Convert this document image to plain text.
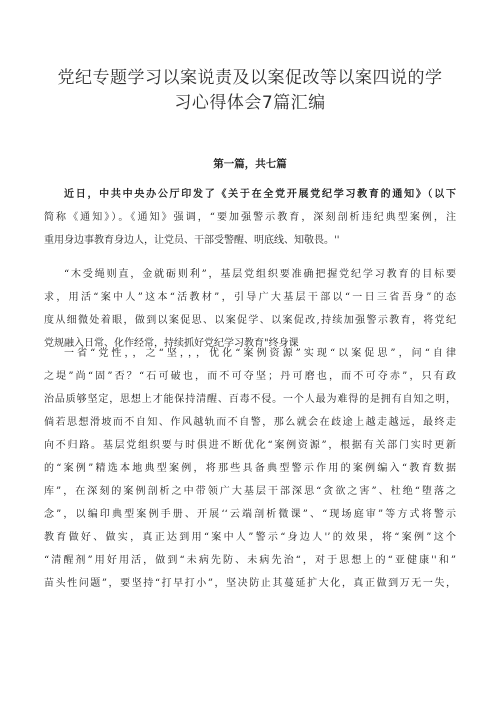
党纪专题学习以案说责及以案促改等以案四说的学
习心得体会7篇汇编
第一篇，共七篇
近日，中共中央办公厅印发了《关于在全党开展党纪学习教育的通知》（以下
简称《通知》）。《通知》强调，“要加强警示教育，深刻剖析违纪典型案例，注
重用身边事教育身边人，让党员、干部受警醒、明底线、知敬畏。''
“木受绳则直，金就砺则利”，基层党组织要准确把握党纪学习教育的目标要
求，用活“案中人”这本“活教材”，引导广大基层干部以“一日三省吾身”的态
度从细微处着眼，做到以案促思、以案促学、以案促改,持续加强警示教育，将党纪
党规融入日常、化作经常，持续抓好党纪学习教育"终身课
一省“党性，，之“坚，，，优化“案例资源”实现“以案促思”，问“自律
之堤”尚“固”否？“石可破也，而不可夺坚；丹可磨也，而不可夺赤”，只有政
治品质够坚定，思想上才能保持清醒、百毒不侵。一个人最为难得的是拥有自知之明，
倘若思想滑坡而不自知、作风越轨而不自警，那么就会在歧途上越走越远，最终走
向不归路。基层党组织要与时俱进不断优化“案例资源”，根据有关部门实时更新
的“案例”精选本地典型案例，将那些具备典型警示作用的案例编入“教育数据
库”，在深刻的案例剖析之中带领广大基层干部深思“贪欲之害”、杜绝“堕落之
念”，以编印典型案例手册、开展‘‘云端剖析微课”、“现场庭审”等方式将警示
教育做好、做实，真正达到用“案中人”警示“身边人'’的效果，将“案例”这个
“清醒剂”用好用活，做到“未病先防、未病先治“，对于思想上的“亚健康''和”
苗头性问题”，要坚持“打早打小”，坚决防止其蔓延扩大化，真正做到万无一失，
